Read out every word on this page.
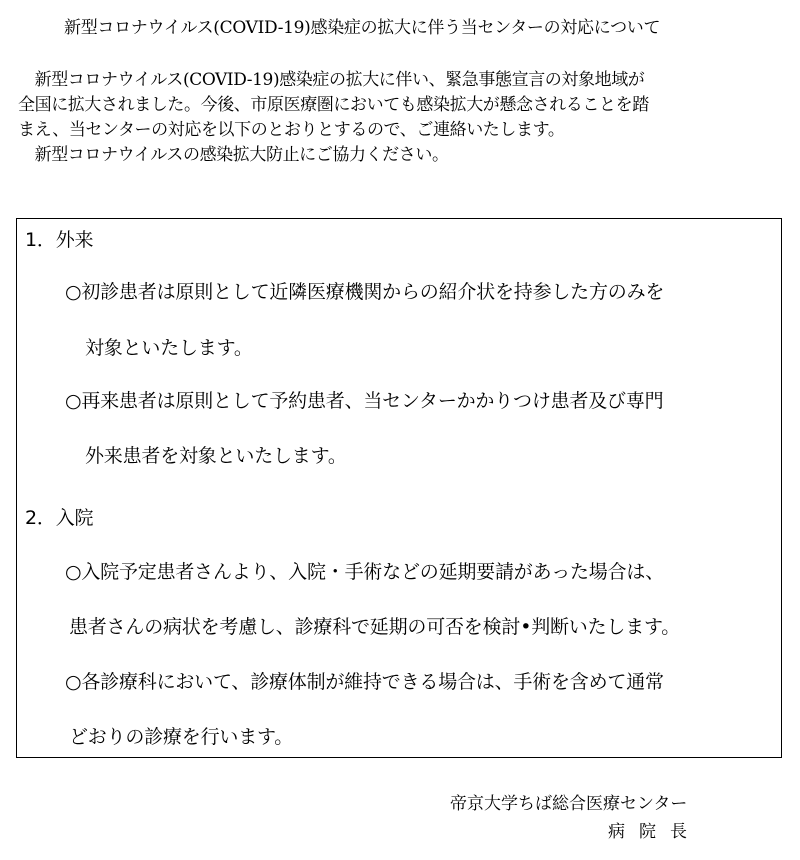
新型コロナウイルス(COVID-19)感染症の拡大に伴う当センターの対応について

　新型コロナウイルス(COVID-19)感染症の拡大に伴い、緊急事態宣言の対象地域が

全国に拡大されました。今後、市原医療圏においても感染拡大が懸念されることを踏

まえ、当センターの対応を以下のとおりとするので、ご連絡いたします。

　新型コロナウイルスの感染拡大防止にご協力ください。

1．外来
○初診患者は原則として近隣医療機関からの紹介状を持参した方のみを
対象といたします。
○再来患者は原則として予約患者、当センターかかりつけ患者及び専門
外来患者を対象といたします。
2．入院
○入院予定患者さんより、入院・手術などの延期要請があった場合は、
患者さんの病状を考慮し、診療科で延期の可否を検討•判断いたします。
○各診療科において、診療体制が維持できる場合は、手術を含めて通常
どおりの診療を行います。
帝京大学ちば総合医療センター
病院長
